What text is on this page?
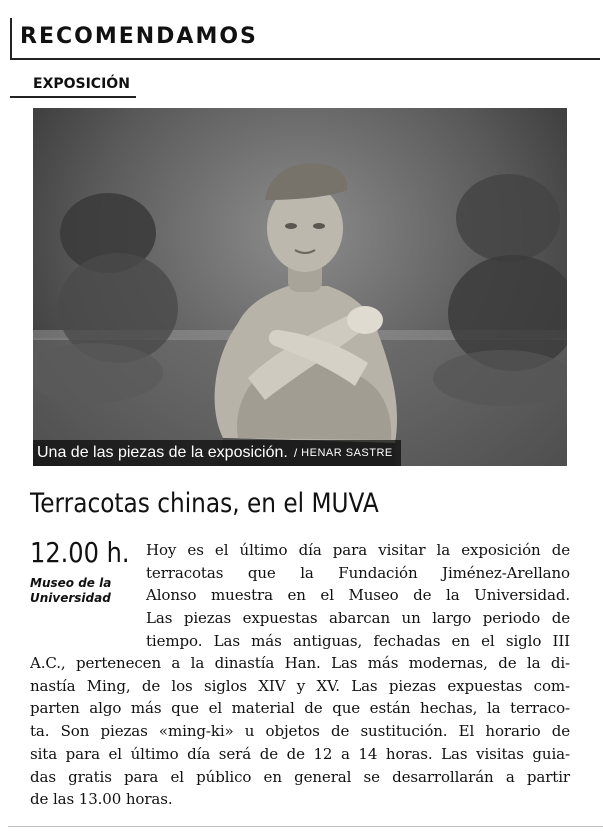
RECOMENDAMOS
EXPOSICIÓN
Una de las piezas de la exposición. / HENAR SASTRE
Terracotas chinas, en el MUVA
12.00 h.
Museo de la
Universidad
Hoy es el último día para visitar la exposición de
terracotas que la Fundación Jiménez-Arellano
Alonso muestra en el Museo de la Universidad.
Las piezas expuestas abarcan un largo periodo de
tiempo. Las más antiguas, fechadas en el siglo III
A.C., pertenecen a la dinastía Han. Las más modernas, de la di-
nastía Ming, de los siglos XIV y XV. Las piezas expuestas com-
parten algo más que el material de que están hechas, la terraco-
ta. Son piezas «ming-ki» u objetos de sustitución. El horario de
sita para el último día será de de 12 a 14 horas. Las visitas guia-
das gratis para el público en general se desarrollarán a partir
de las 13.00 horas.
